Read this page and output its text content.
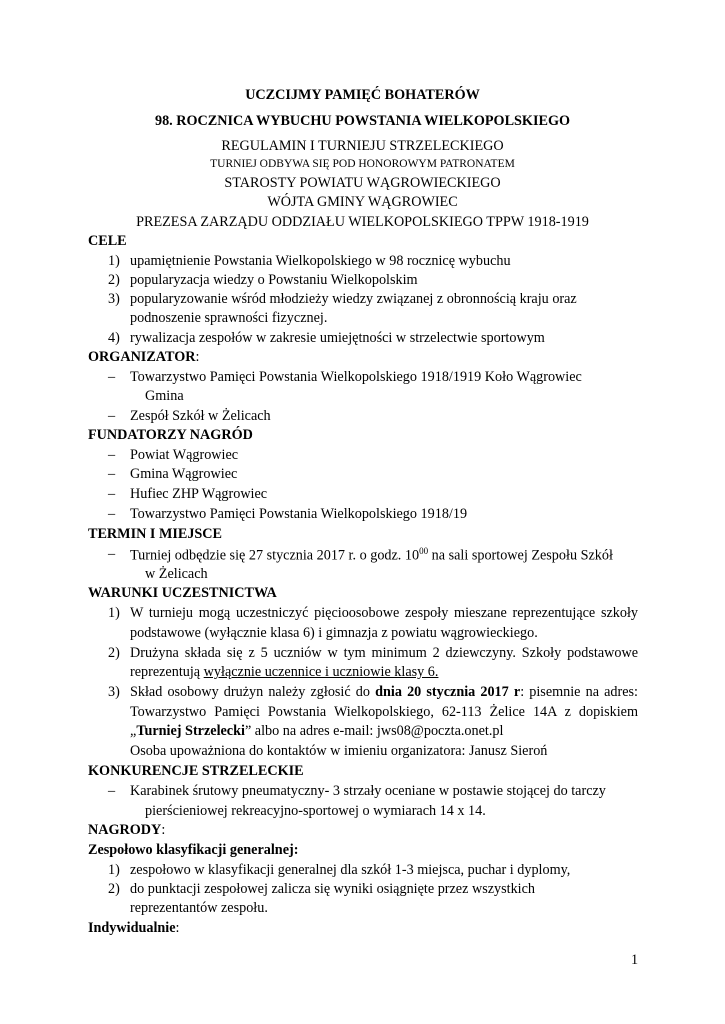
UCZCIJMY PAMIĘĆ BOHATERÓW
98. ROCZNICA WYBUCHU POWSTANIA WIELKOPOLSKIEGO
REGULAMIN I TURNIEJU STRZELECKIEGO
TURNIEJ ODBYWA SIĘ POD HONOROWYM PATRONATEM
STAROSTY POWIATU WĄGROWIECKIEGO
WÓJTA GMINY WĄGROWIEC
PREZESA ZARZĄDU ODDZIAŁU WIELKOPOLSKIEGO TPPW 1918-1919
CELE
1) upamiętnienie Powstania Wielkopolskiego w 98 rocznicę wybuchu
2) popularyzacja wiedzy o Powstaniu Wielkopolskim
3) popularyzowanie wśród młodzieży wiedzy związanej z obronnością kraju oraz
podnoszenie sprawności fizycznej.
4) rywalizacja zespołów w zakresie umiejętności w strzelectwie sportowym
ORGANIZATOR:
– Towarzystwo Pamięci Powstania Wielkopolskiego 1918/1919 Koło Wągrowiec
Gmina
– Zespół Szkół w Żelicach
FUNDATORZY NAGRÓD
– Powiat Wągrowiec
– Gmina Wągrowiec
– Hufiec ZHP Wągrowiec
– Towarzystwo Pamięci Powstania Wielkopolskiego 1918/19
TERMIN I MIEJSCE
– Turniej odbędzie się 27 stycznia 2017 r. o godz. $10^{00}$ na sali sportowej Zespołu Szkół
w Żelicach
WARUNKI UCZESTNICTWA
1) W turnieju mogą uczestniczyć pięcioosobowe zespoły mieszane reprezentujące szkoły
podstawowe (wyłącznie klasa 6) i gimnazja z powiatu wągrowieckiego.
2) Drużyna składa się z 5 uczniów w tym minimum 2 dziewczyny. Szkoły podstawowe
reprezentują wyłącznie uczennice i uczniowie klasy 6.
3) Skład osobowy drużyn należy zgłosić do dnia 20 stycznia 2017 r: pisemnie na adres:
Towarzystwo Pamięci Powstania Wielkopolskiego, 62-113 Żelice 14A z dopiskiem
„Turniej Strzelecki” albo na adres e-mail: jws08@poczta.onet.pl
Osoba upoważniona do kontaktów w imieniu organizatora: Janusz Sieroń
KONKURENCJE STRZELECKIE
– Karabinek śrutowy pneumatyczny- 3 strzały oceniane w postawie stojącej do tarczy
pierścieniowej rekreacyjno-sportowej o wymiarach 14 x 14.
NAGRODY:
Zespołowo klasyfikacji generalnej:
1) zespołowo w klasyfikacji generalnej dla szkół 1-3 miejsca, puchar i dyplomy,
2) do punktacji zespołowej zalicza się wyniki osiągnięte przez wszystkich
reprezentantów zespołu.
Indywidualnie:
1
